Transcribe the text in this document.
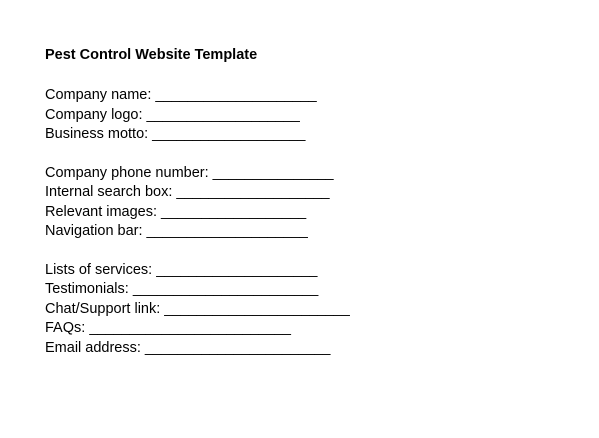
Pest Control Website Template
Company name: ____________________
Company logo: ___________________
Business motto: ___________________
Company phone number: _______________
Internal search box: ___________________
Relevant images: __________________
Navigation bar: ____________________
Lists of services: ____________________
Testimonials: _______________________
Chat/Support link: _______________________
FAQs: _________________________
Email address: _______________________
